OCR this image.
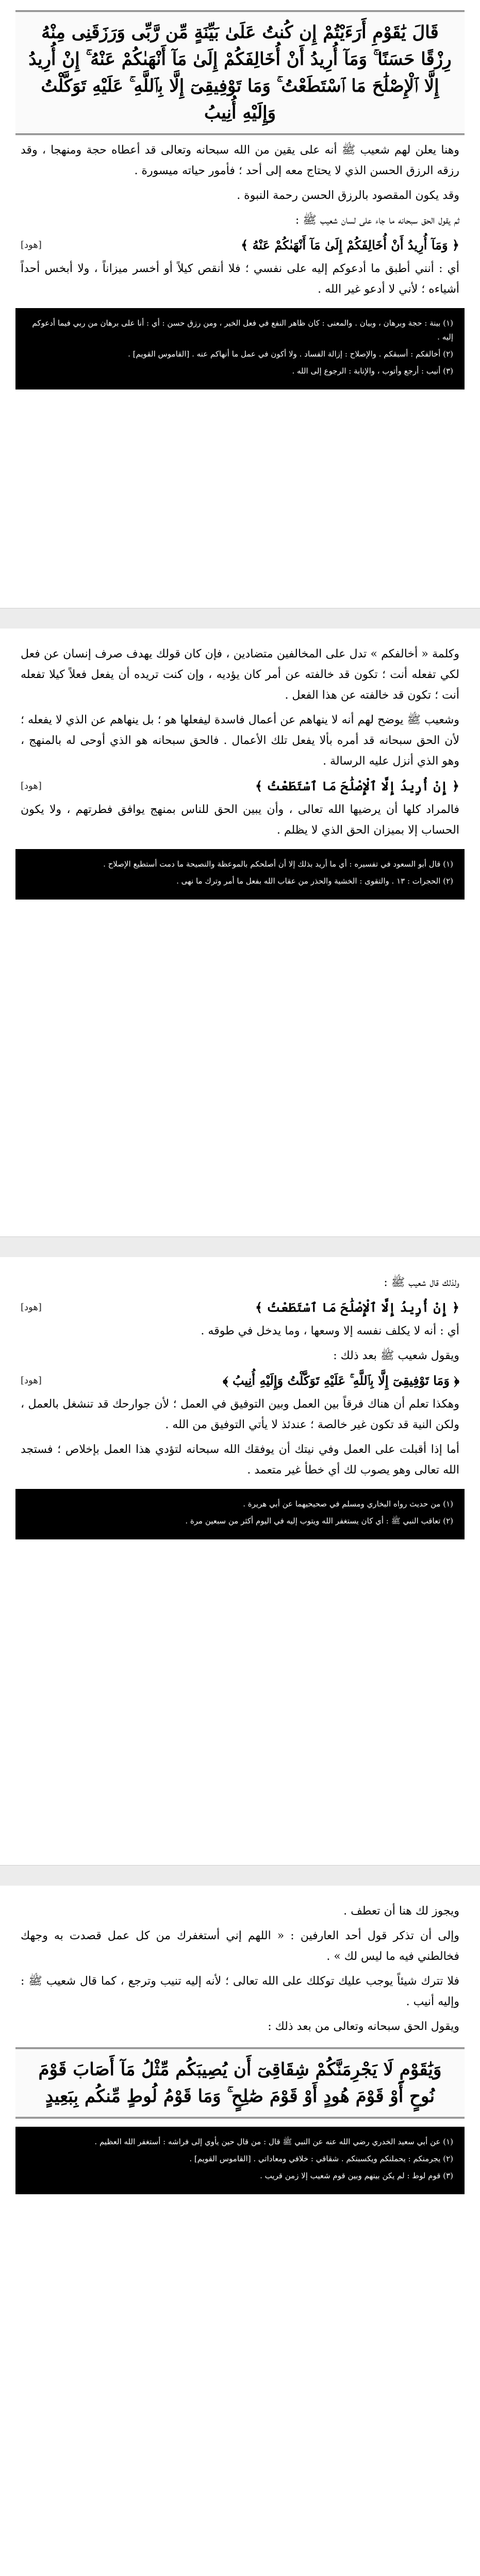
قَالَ يَٰقَوْمِ أَرَءَيْتُمْ إِن كُنتُ عَلَىٰ بَيِّنَةٍ مِّن رَّبِّى وَرَزَقَنِى مِنْهُ رِزْقًا حَسَنًا ۚ وَمَآ أُرِيدُ أَنْ أُخَالِفَكُمْ إِلَىٰ مَآ أَنْهَىٰكُمْ عَنْهُ ۚ إِنْ أُرِيدُ إِلَّا ٱلْإِصْلَٰحَ مَا ٱسْتَطَعْتُ ۚ وَمَا تَوْفِيقِىٓ إِلَّا بِٱللَّهِ ۚ عَلَيْهِ تَوَكَّلْتُ وَإِلَيْهِ أُنِيبُ

وهنا يعلن لهم شعيب ﷺ أنه على يقين من الله سبحانه وتعالى قد أعطاه حجة ومنهجا ، وقد رزقه الرزق الحسن الذي لا يحتاج معه إلى أحد ؛ فأمور حياته ميسورة .

وقد يكون المقصود بالرزق الحسن رحمة النبوة .

ثم يقول الحق سبحانه ما جاء على لسان شعيب ﷺ :

﴿ وَمَآ أُرِيدُ أَنْ أُخَالِفَكُمْ إِلَىٰ مَآ أَنْهَىٰكُمْ عَنْهُ ﴾
[هود]

أي : أنني أطبق ما أدعوكم إليه على نفسي ؛ فلا أنقص كيلاً أو أخسر ميزاناً ، ولا أبخس أحداً أشياءه ؛ لأني لا أدعو غير الله .

(١) بينة : حجة وبرهان ، وبيان . والمعنى : كان ظاهر النفع في فعل الخير ، ومن رزق حسن : أي : أنا على برهان من ربي فيما أدعوكم إليه .

(٢) أخالفكم : أسبقكم . والإصلاح : إزالة الفساد . ولا أكون في عمل ما أنهاكم عنه . [القاموس القويم] .

(٣) أنيب : أرجع وأتوب ، والإنابة : الرجوع إلى الله .

وكلمة « أخالفكم » تدل على المخالفين متضادين ، فإن كان قولك يهدف صرف إنسان عن فعل لكي تفعله أنت ؛ تكون قد خالفته عن أمر كان يؤديه ، وإن كنت تريده أن يفعل فعلاً كيلا تفعله أنت ؛ تكون قد خالفته عن هذا الفعل .

وشعيب ﷺ يوضح لهم أنه لا ينهاهم عن أعمال فاسدة ليفعلها هو ؛ بل ينهاهم عن الذي لا يفعله ؛ لأن الحق سبحانه قد أمره بألا يفعل تلك الأعمال . فالحق سبحانه هو الذي أوحى له بالمنهج ، وهو الذي أنزل عليه الرسالة .

﴿ إِنْ أُرِيدُ إِلَّا ٱلْإِصْلَٰحَ مَا ٱسْتَطَعْتُ ﴾
[هود]

فالمراد كلها أن يرضيها الله تعالى ، وأن يبين الحق للناس بمنهج يوافق فطرتهم ، ولا يكون الحساب إلا بميزان الحق الذي لا يظلم .

(١) قال أبو السعود في تفسيره : أي ما أريد بذلك إلا أن أصلحكم بالموعظة والنصيحة ما دمت أستطيع الإصلاح .

(٢) الحجرات : ١٣ . والتقوى : الخشية والحذر من عقاب الله بفعل ما أمر وترك ما نهى .

ولذلك قال شعيب ﷺ :

﴿ إِنْ أُرِيدُ إِلَّا ٱلْإِصْلَٰحَ مَا ٱسْتَطَعْتُ ﴾
[هود]

أي : أنه لا يكلف نفسه إلا وسعها ، وما يدخل في طوقه .

ويقول شعيب ﷺ بعد ذلك :

﴿ وَمَا تَوْفِيقِىٓ إِلَّا بِٱللَّهِ ۚ عَلَيْهِ تَوَكَّلْتُ وَإِلَيْهِ أُنِيبُ ﴾
[هود]

وهكذا تعلم أن هناك فرقاً بين العمل وبين التوفيق في العمل ؛ لأن جوارحك قد تنشغل بالعمل ، ولكن النية قد تكون غير خالصة ؛ عندئذ لا يأتي التوفيق من الله .

أما إذا أقبلت على العمل وفي نيتك أن يوفقك الله سبحانه لتؤدي هذا العمل بإخلاص ؛ فستجد الله تعالى وهو يصوب لك أي خطأ غير متعمد .

(١) من حديث رواه البخاري ومسلم في صحيحيهما عن أبي هريرة .

(٢) تعاقب النبي ﷺ : أي كان يستغفر الله ويتوب إليه في اليوم أكثر من سبعين مرة .

ويجوز لك هنا أن تعطف .

وإلى أن تذكر قول أحد العارفين : « اللهم إني أستغفرك من كل عمل قصدت به وجهك فخالطني فيه ما ليس لك » .

فلا تترك شيئاً يوجب عليك توكلك على الله تعالى ؛ لأنه إليه تنيب وترجع ، كما قال شعيب ﷺ : وإليه أنيب .

ويقول الحق سبحانه وتعالى من بعد ذلك :

وَيَٰقَوْمِ لَا يَجْرِمَنَّكُمْ شِقَاقِىٓ أَن يُصِيبَكُم مِّثْلُ مَآ أَصَابَ قَوْمَ نُوحٍ أَوْ قَوْمَ هُودٍ أَوْ قَوْمَ صَٰلِحٍ ۚ وَمَا قَوْمُ لُوطٍ مِّنكُم بِبَعِيدٍ

(١) عن أبي سعيد الخدري رضي الله عنه عن النبي ﷺ قال : من قال حين يأوي إلى فراشه : أستغفر الله العظيم .

(٢) يجرمنكم : يحملنكم ويكسبنكم . شقاقي : خلافي ومعاداتي . [القاموس القويم] .

(٣) قوم لوط : لم يكن بينهم وبين قوم شعيب إلا زمن قريب .
